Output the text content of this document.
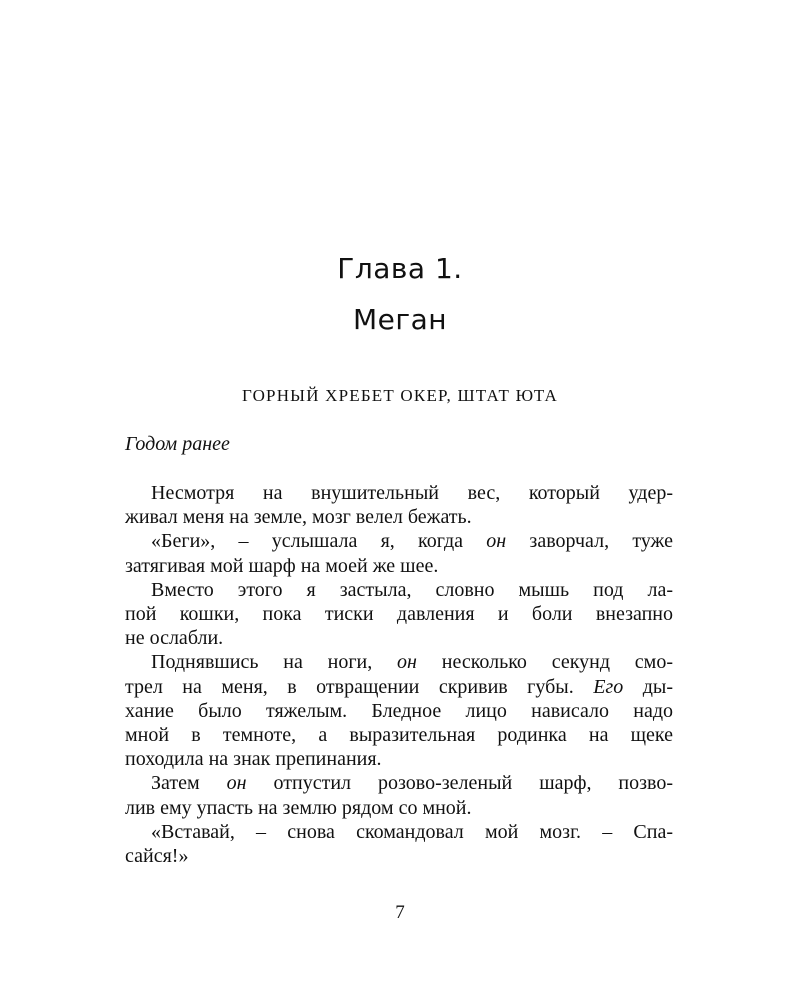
Глава 1.
Меган

ГОРНЫЙ ХРЕБЕТ ОКЕР, ШТАТ ЮТА

Годом ранее

Несмотря на внушительный вес, который удер-
живал меня на земле, мозг велел бежать.

«Беги», – услышала я, когда он заворчал, туже
затягивая мой шарф на моей же шее.

Вместо этого я застыла, словно мышь под ла-
пой кошки, пока тиски давления и боли внезапно
не ослабли.

Поднявшись на ноги, он несколько секунд смо-
трел на меня, в отвращении скривив губы. Его ды-
хание было тяжелым. Бледное лицо нависало надо
мной в темноте, а выразительная родинка на щеке
походила на знак препинания.

Затем он отпустил розово-зеленый шарф, позво-
лив ему упасть на землю рядом со мной.

«Вставай, – снова скомандовал мой мозг. – Спа-
сайся!»

7
